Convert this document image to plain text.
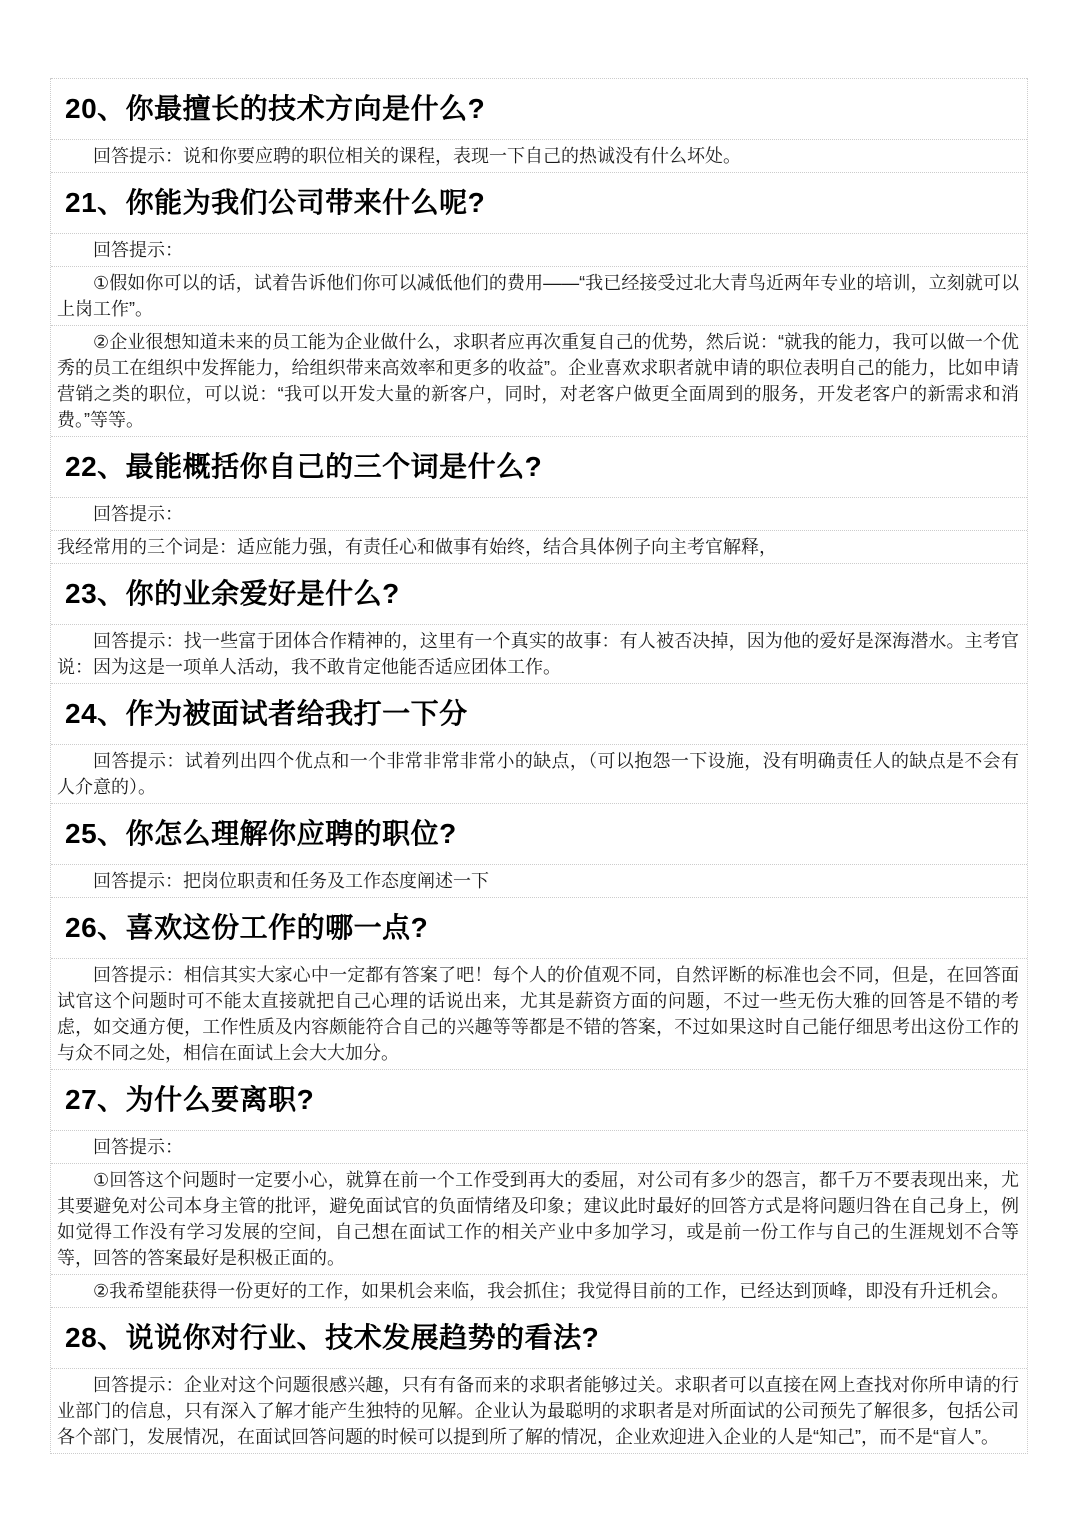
20、你最擅长的技术方向是什么?

回答提示：说和你要应聘的职位相关的课程，表现一下自己的热诚没有什么坏处。

21、你能为我们公司带来什么呢?

回答提示：

①假如你可以的话，试着告诉他们你可以减低他们的费用——“我已经接受过北大青鸟近两年专业的培训，立刻就可以上岗工作”。

②企业很想知道未来的员工能为企业做什么，求职者应再次重复自己的优势，然后说：“就我的能力，我可以做一个优秀的员工在组织中发挥能力，给组织带来高效率和更多的收益”。企业喜欢求职者就申请的职位表明自己的能力，比如申请营销之类的职位，可以说：“我可以开发大量的新客户，同时，对老客户做更全面周到的服务，开发老客户的新需求和消费。”等等。

22、最能概括你自己的三个词是什么?

回答提示：

我经常用的三个词是：适应能力强，有责任心和做事有始终，结合具体例子向主考官解释，

23、你的业余爱好是什么?

回答提示：找一些富于团体合作精神的，这里有一个真实的故事：有人被否决掉，因为他的爱好是深海潜水。主考官说：因为这是一项单人活动，我不敢肯定他能否适应团体工作。

24、作为被面试者给我打一下分

回答提示：试着列出四个优点和一个非常非常非常小的缺点，（可以抱怨一下设施，没有明确责任人的缺点是不会有人介意的）。

25、你怎么理解你应聘的职位?

回答提示：把岗位职责和任务及工作态度阐述一下

26、喜欢这份工作的哪一点?

回答提示：相信其实大家心中一定都有答案了吧！每个人的价值观不同，自然评断的标准也会不同，但是，在回答面试官这个问题时可不能太直接就把自己心理的话说出来，尤其是薪资方面的问题，不过一些无伤大雅的回答是不错的考虑，如交通方便，工作性质及内容颇能符合自己的兴趣等等都是不错的答案，不过如果这时自己能仔细思考出这份工作的与众不同之处，相信在面试上会大大加分。

27、为什么要离职?

回答提示：

①回答这个问题时一定要小心，就算在前一个工作受到再大的委屈，对公司有多少的怨言，都千万不要表现出来，尤其要避免对公司本身主管的批评，避免面试官的负面情绪及印象；建议此时最好的回答方式是将问题归咎在自己身上，例如觉得工作没有学习发展的空间，自己想在面试工作的相关产业中多加学习，或是前一份工作与自己的生涯规划不合等等，回答的答案最好是积极正面的。

②我希望能获得一份更好的工作，如果机会来临，我会抓住；我觉得目前的工作，已经达到顶峰，即没有升迁机会。

28、说说你对行业、技术发展趋势的看法?

回答提示：企业对这个问题很感兴趣，只有有备而来的求职者能够过关。求职者可以直接在网上查找对你所申请的行业部门的信息，只有深入了解才能产生独特的见解。企业认为最聪明的求职者是对所面试的公司预先了解很多，包括公司各个部门，发展情况，在面试回答问题的时候可以提到所了解的情况，企业欢迎进入企业的人是“知己”，而不是“盲人”。
